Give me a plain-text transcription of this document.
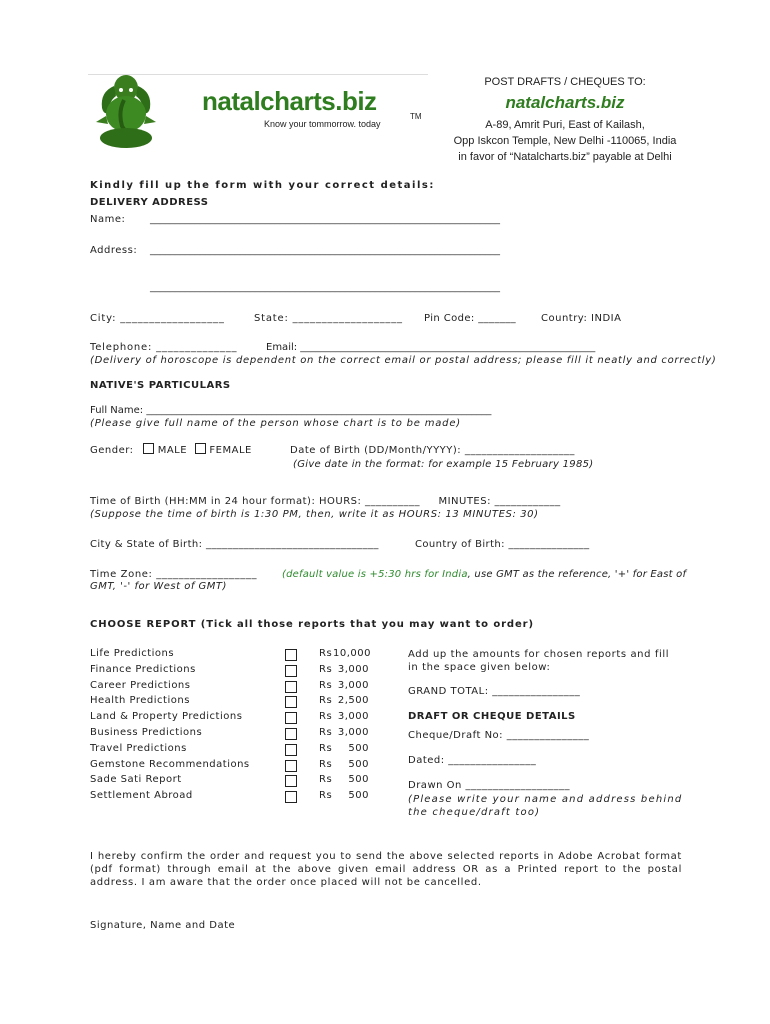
natalcharts.biz
Know your tommorrow. today
TM
POST DRAFTS / CHEQUES TO:
natalcharts.biz
A-89, Amrit Puri, East of Kailash,
Opp Iskcon Temple, New Delhi -110065, India
in favor of “Natalcharts.biz” payable at Delhi
Kindly fill up the form with your correct details:
DELIVERY ADDRESS
Name: ______________________________________________________________________
Address: ______________________________________________________________________
______________________________________________________________________
City: __________________	State: ___________________ Pin Code: _______ Country: INDIA
Telephone: ______________	Email: ___________________________________________________________
(Delivery of horoscope is dependent on the correct email or postal address; please fill it neatly and correctly)
NATIVE'S PARTICULARS
Full Name: _____________________________________________________________________
(Please give full name of the person whose chart is to be made)
Gender:	MALE FEMALE	Date of Birth (DD/Month/YYYY): ____________________
(Give date in the format: for example 15 February 1985)
Time of Birth (HH:MM in 24 hour format): HOURS: __________     MINUTES: ____________
(Suppose the time of birth is 1:30 PM, then, write it as HOURS: 13 MINUTES: 30)
City & State of Birth: ________________________________	Country of Birth: _______________
Time Zone: __________________ (default value is +5:30 hrs for India, use GMT as the reference, '+' for East of
GMT, '-' for West of GMT)
CHOOSE REPORT (Tick all those reports that you may want to order)
Life Predictions	Rs 10,000
Finance Predictions	Rs 3,000
Career Predictions	Rs 3,000
Health Predictions	Rs 2,500
Land & Property Predictions	Rs 3,000
Business Predictions	Rs 3,000
Travel Predictions	Rs	500
Gemstone Recommendations	Rs	500
Sade Sati Report	Rs	500
Settlement Abroad	Rs	500
Add up the amounts for chosen reports and fill in the space given below:
GRAND TOTAL: ________________
DRAFT OR CHEQUE DETAILS
Cheque/Draft No: _______________
Dated: ________________
Drawn On ___________________
(Please write your name and address behind the cheque/draft too)
I hereby confirm the order and request you to send the above selected reports in Adobe Acrobat format (pdf format) through email at the above given email address OR as a Printed report to the postal address. I am aware that the order once placed will not be cancelled.
Signature, Name and Date
